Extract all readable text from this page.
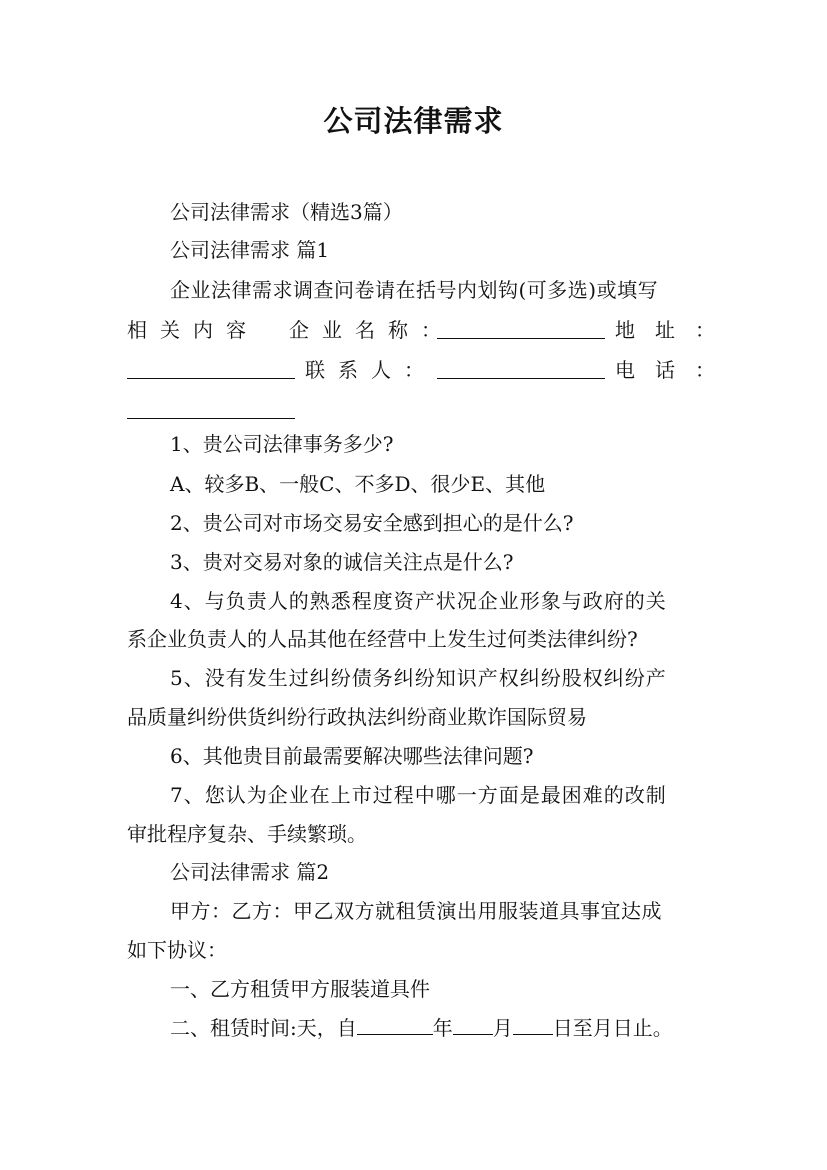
公司法律需求
公司法律需求（精选3篇）
公司法律需求 篇1
企业法律需求调查问卷请在括号内划钩(可多选)或填写
相关内容 企业名称：	地址：
联系人：	电话：
1、贵公司法律事务多少?
A、较多B、一般C、不多D、很少E、其他
2、贵公司对市场交易安全感到担心的是什么?
3、贵对交易对象的诚信关注点是什么?
4、与负责人的熟悉程度资产状况企业形象与政府的关
系企业负责人的人品其他在经营中上发生过何类法律纠纷?
5、没有发生过纠纷债务纠纷知识产权纠纷股权纠纷产
品质量纠纷供货纠纷行政执法纠纷商业欺诈国际贸易
6、其他贵目前最需要解决哪些法律问题?
7、您认为企业在上市过程中哪一方面是最困难的改制
审批程序复杂、手续繁琐。
公司法律需求 篇2
甲方：乙方：甲乙双方就租赁演出用服装道具事宜达成
如下协议：
一、乙方租赁甲方服装道具件
二、租赁时间:天，自	年 月 日至月日止。
